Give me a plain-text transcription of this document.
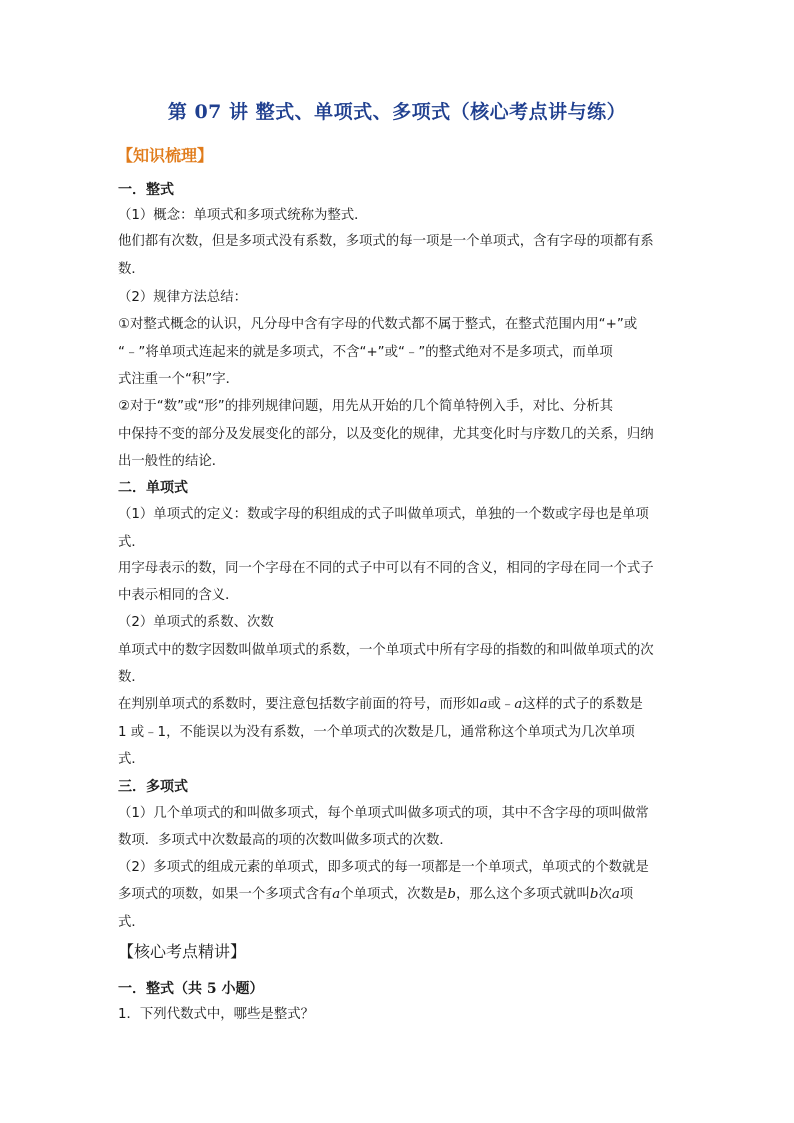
第 07 讲 整式、单项式、多项式（核心考点讲与练）
【知识梳理】
一．整式
（1）概念：单项式和多项式统称为整式．
他们都有次数，但是多项式没有系数，多项式的每一项是一个单项式，含有字母的项都有系
数．
（2）规律方法总结：
①对整式概念的认识，凡分母中含有字母的代数式都不属于整式，在整式范围内用“+”或
“﹣”将单项式连起来的就是多项式，不含“+”或“﹣”的整式绝对不是多项式，而单项
式注重一个“积”字．
②对于“数”或“形”的排列规律问题，用先从开始的几个简单特例入手，对比、分析其
中保持不变的部分及发展变化的部分，以及变化的规律，尤其变化时与序数几的关系，归纳
出一般性的结论．
二．单项式
（1）单项式的定义：数或字母的积组成的式子叫做单项式，单独的一个数或字母也是单项
式．
用字母表示的数，同一个字母在不同的式子中可以有不同的含义，相同的字母在同一个式子
中表示相同的含义．
（2）单项式的系数、次数
单项式中的数字因数叫做单项式的系数，一个单项式中所有字母的指数的和叫做单项式的次
数．
在判别单项式的系数时，要注意包括数字前面的符号，而形如a或﹣a这样的式子的系数是
1 或﹣1，不能误以为没有系数，一个单项式的次数是几，通常称这个单项式为几次单项
式．
三．多项式
（1）几个单项式的和叫做多项式，每个单项式叫做多项式的项，其中不含字母的项叫做常
数项．多项式中次数最高的项的次数叫做多项式的次数．
（2）多项式的组成元素的单项式，即多项式的每一项都是一个单项式，单项式的个数就是
多项式的项数，如果一个多项式含有a个单项式，次数是b，那么这个多项式就叫b次a项
式．
【核心考点精讲】
一．整式（共 5 小题）
1．下列代数式中，哪些是整式？
